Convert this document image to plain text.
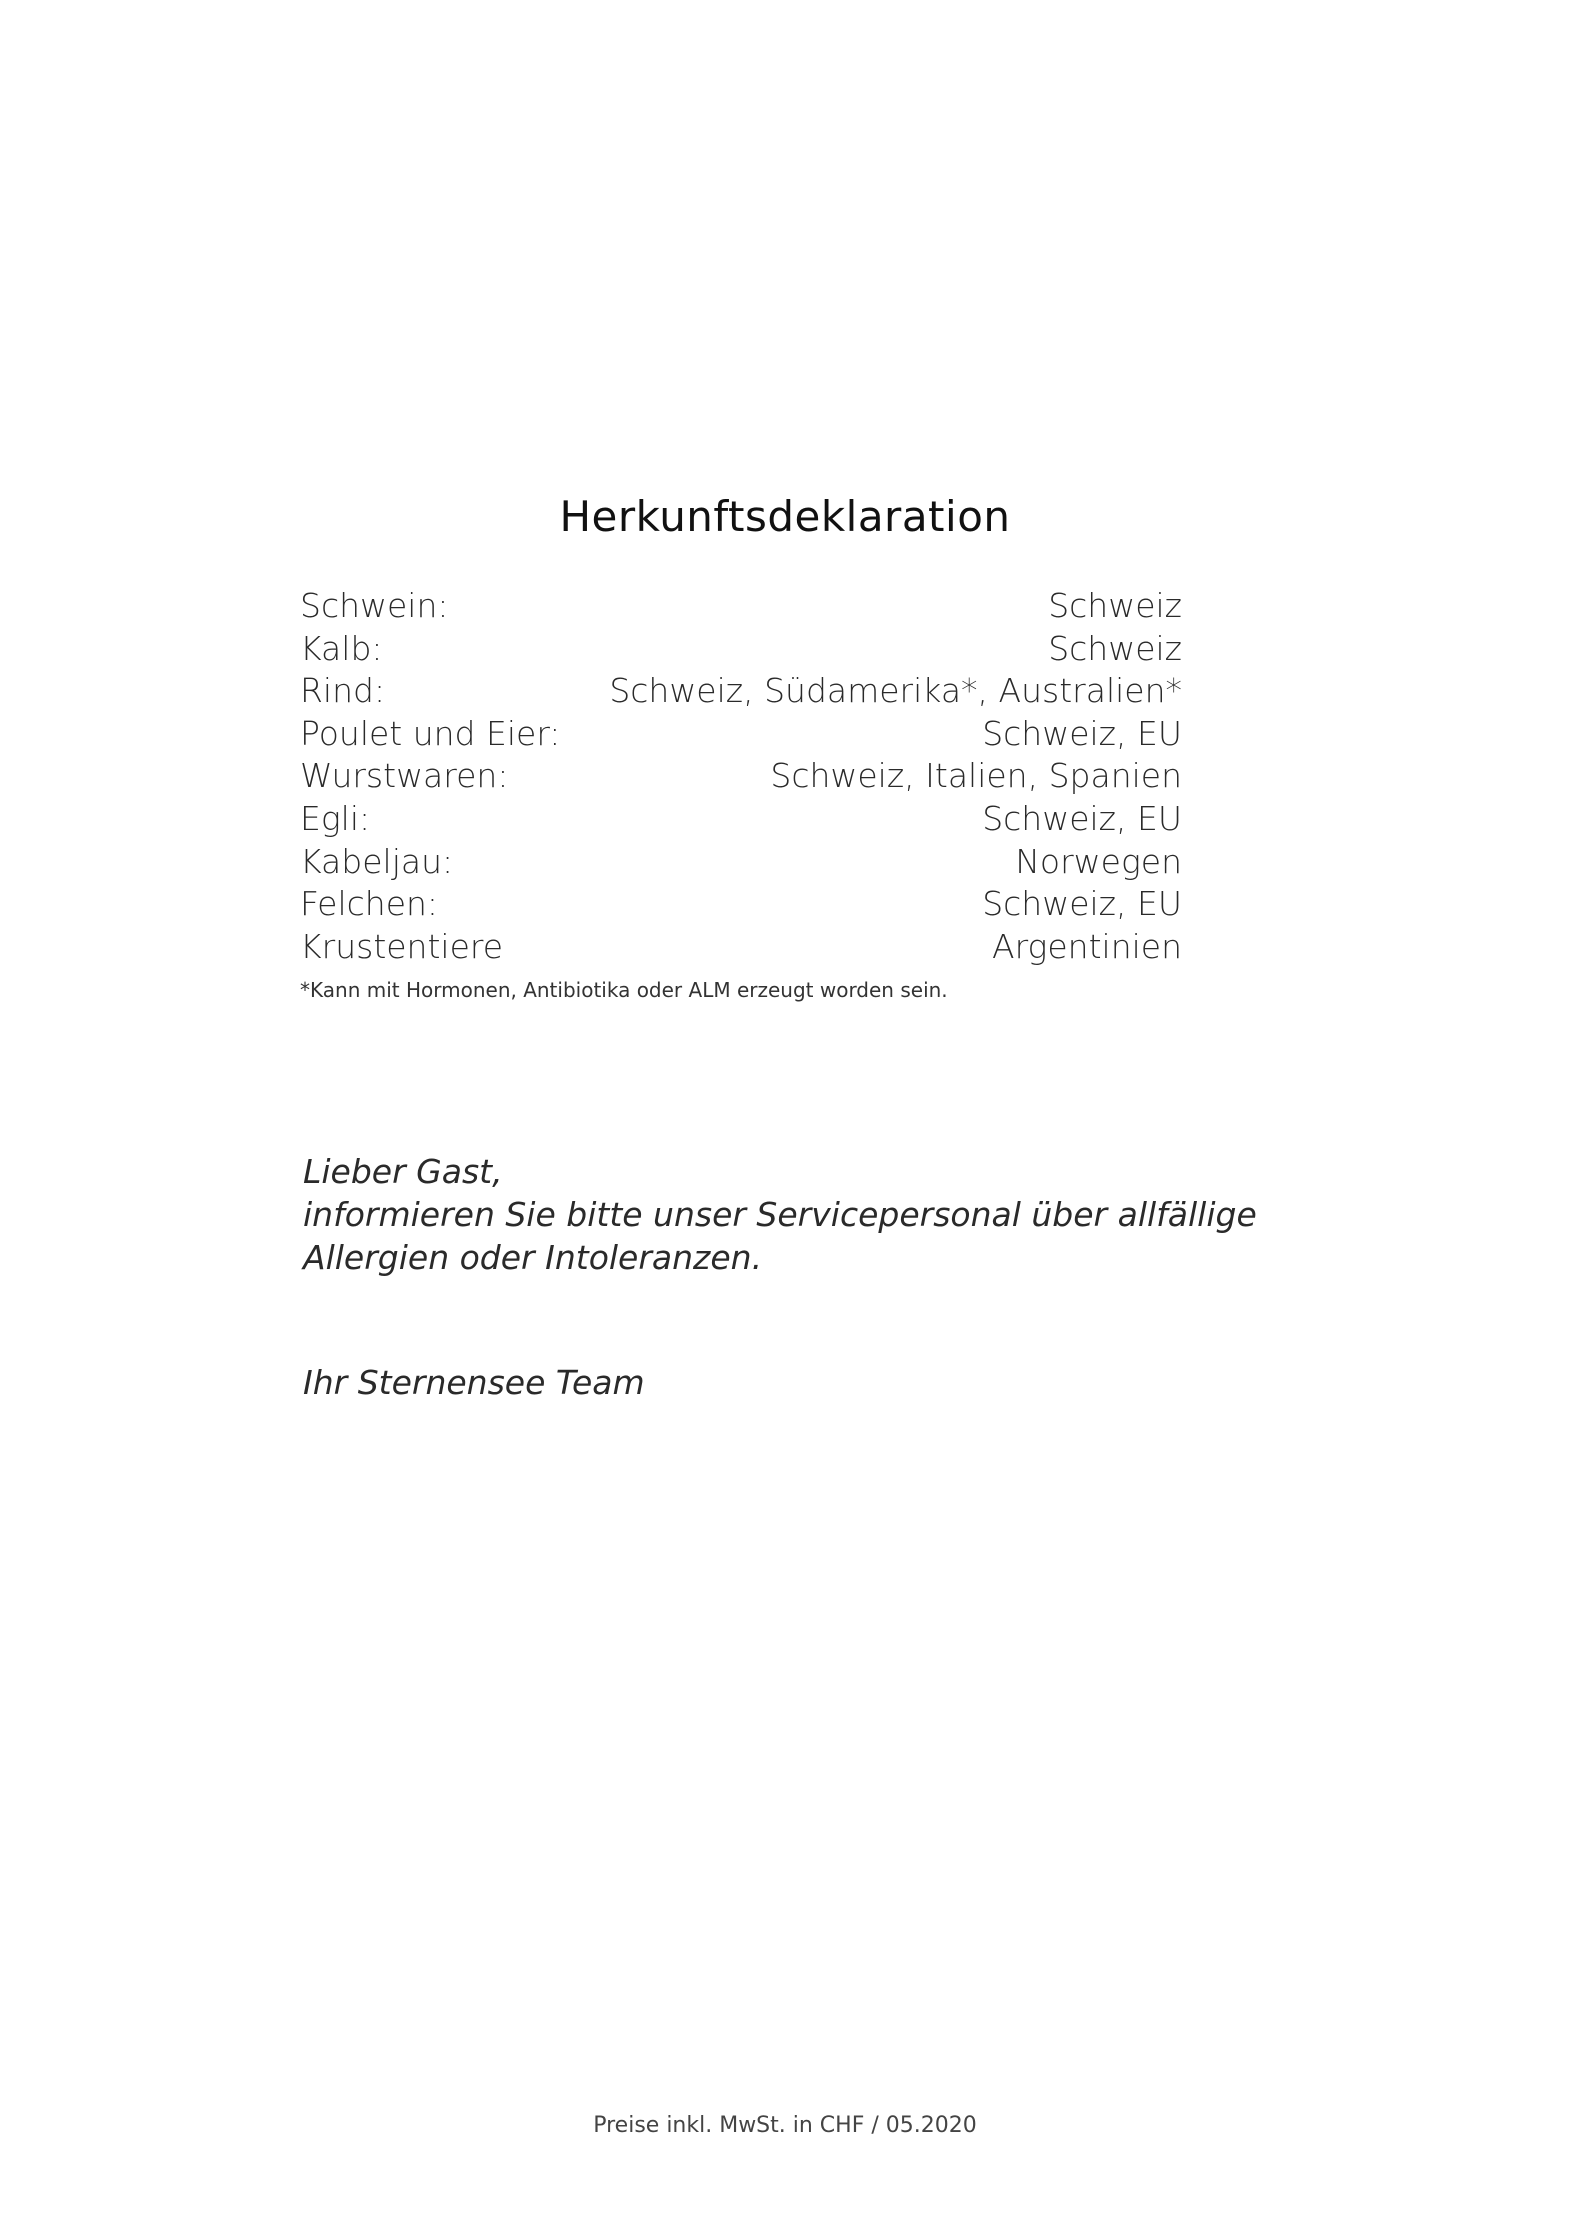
Herkunftsdeklaration
Schwein:	Schweiz
Kalb:	Schweiz
Rind:	Schweiz, Südamerika*, Australien*
Poulet und Eier:	Schweiz, EU
Wurstwaren:	Schweiz, Italien, Spanien
Egli:	Schweiz, EU
Kabeljau:	Norwegen
Felchen:	Schweiz, EU
Krustentiere	Argentinien
*Kann mit Hormonen, Antibiotika oder ALM erzeugt worden sein.
Lieber Gast,
informieren Sie bitte unser Servicepersonal über allfällige
Allergien oder Intoleranzen.
Ihr Sternensee Team
Preise inkl. MwSt. in CHF / 05.2020
